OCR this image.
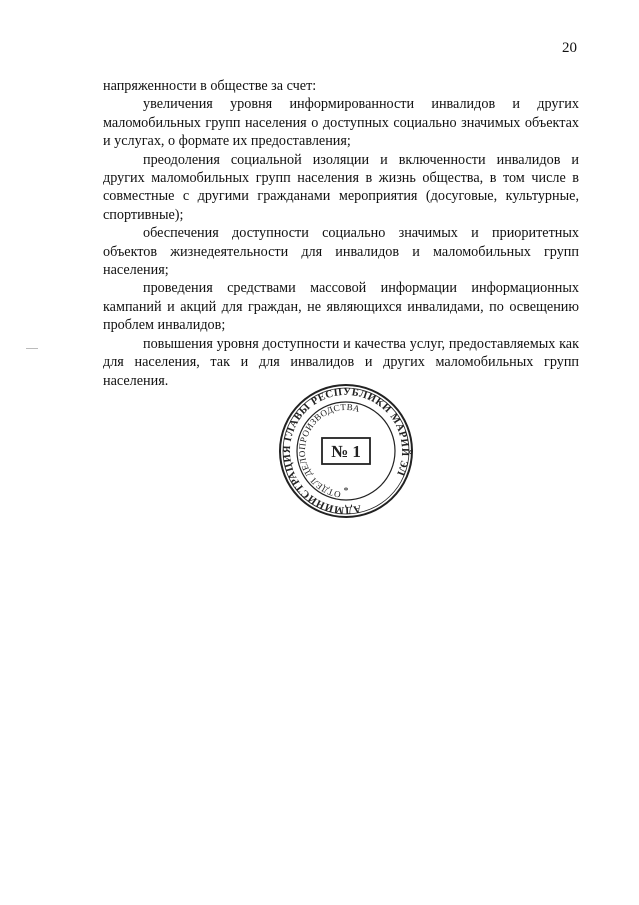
20

напряженности в обществе за счет:

увеличения уровня информированности инвалидов и других маломобильных групп населения о доступных социально значимых объектах и услугах, о формате их предоставления;

преодоления социальной изоляции и включенности инвалидов и других маломобильных групп населения в жизнь общества, в том числе в совместные с другими гражданами мероприятия (досуговые, культурные, спортивные);

обеспечения доступности социально значимых и приоритетных объектов жизнедеятельности для инвалидов и маломобильных групп населения;

проведения средствами массовой информации информационных кампаний и акций для граждан, не являющихся инвалидами, по освещению проблем инвалидов;

повышения уровня доступности и качества услуг, предоставляемых как для населения, так и для инвалидов и других маломобильных групп населения.

АДМИНИСТРАЦИЯ ГЛАВЫ РЕСПУБЛИКИ МАРИЙ ЭЛ
ОТДЕЛ ДЕЛОПРОИЗВОДСТВА
№ 1
*
